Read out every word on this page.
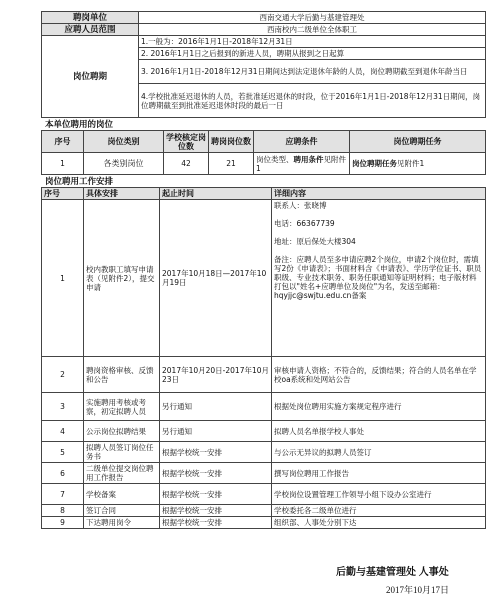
聘岗单位	西南交通大学后勤与基建管理处
应聘人员范围	西南校内二级单位全体职工
岗位聘期	1.一般为：2016年1月1日-2018年12月31日
	2. 2016年1月1日之后报到的新进人员，聘期从报到之日起算
	3. 2016年1月1日-2018年12月31日期间达到法定退休年龄的人员，岗位聘期截至到退休年龄当日
	4.学校批准延迟退休的人员，若批准延迟退休的时段，位于2016年1月1日-2018年12月31日期间，岗位聘期截至到批准延迟退休时段的最后一日
本单位聘用的岗位
序号	岗位类别	学校核定岗位数	聘岗岗位数	应聘条件	岗位聘期任务
1	各类别岗位	42	21	岗位类型、聘用条件见附件1	岗位聘期任务见附件1
岗位聘用工作安排
序号	具体安排	起止时间	详细内容
1	校内教职工填写申请表（见附件2），提交申请	2017年10月18日—2017年10月19日	联系人：张晓博

电话：66367739

地址：原后保处大楼304

备注：应聘人员至多申请应聘2个岗位，申请2个岗位时，需填写2份《申请表》；书面材料含《申请表》、学历学位证书、职员职级、专业技术职务、职务任职通知等证明材料；电子版材料打包以"姓名+应聘单位及岗位"为名，发送至邮箱：hqyjjc@swjtu.edu.cn备案
2	聘岗资格审核、反馈和公告	2017年10月20日-2017年10月23日	审核申请人资格；不符合的，反馈结果；符合的人员名单在学校oa系统和处网站公告
3	实施聘用考核或考察，初定拟聘人员	另行通知	根据处岗位聘用实施方案规定程序进行
4	公示岗位拟聘结果	另行通知	拟聘人员名单报学校人事处
5	拟聘人员签订岗位任务书	根据学校统一安排	与公示无异议的拟聘人员签订
6	二级单位提交岗位聘用工作报告	根据学校统一安排	撰写岗位聘用工作报告
7	学校备案	根据学校统一安排	学校岗位设置管理工作领导小组下设办公室进行
8	签订合同	根据学校统一安排	学校委托各二级单位进行
9	下达聘用岗令	根据学校统一安排	组织部、人事处分别下达
后勤与基建管理处 人事处
2017年10月17日
